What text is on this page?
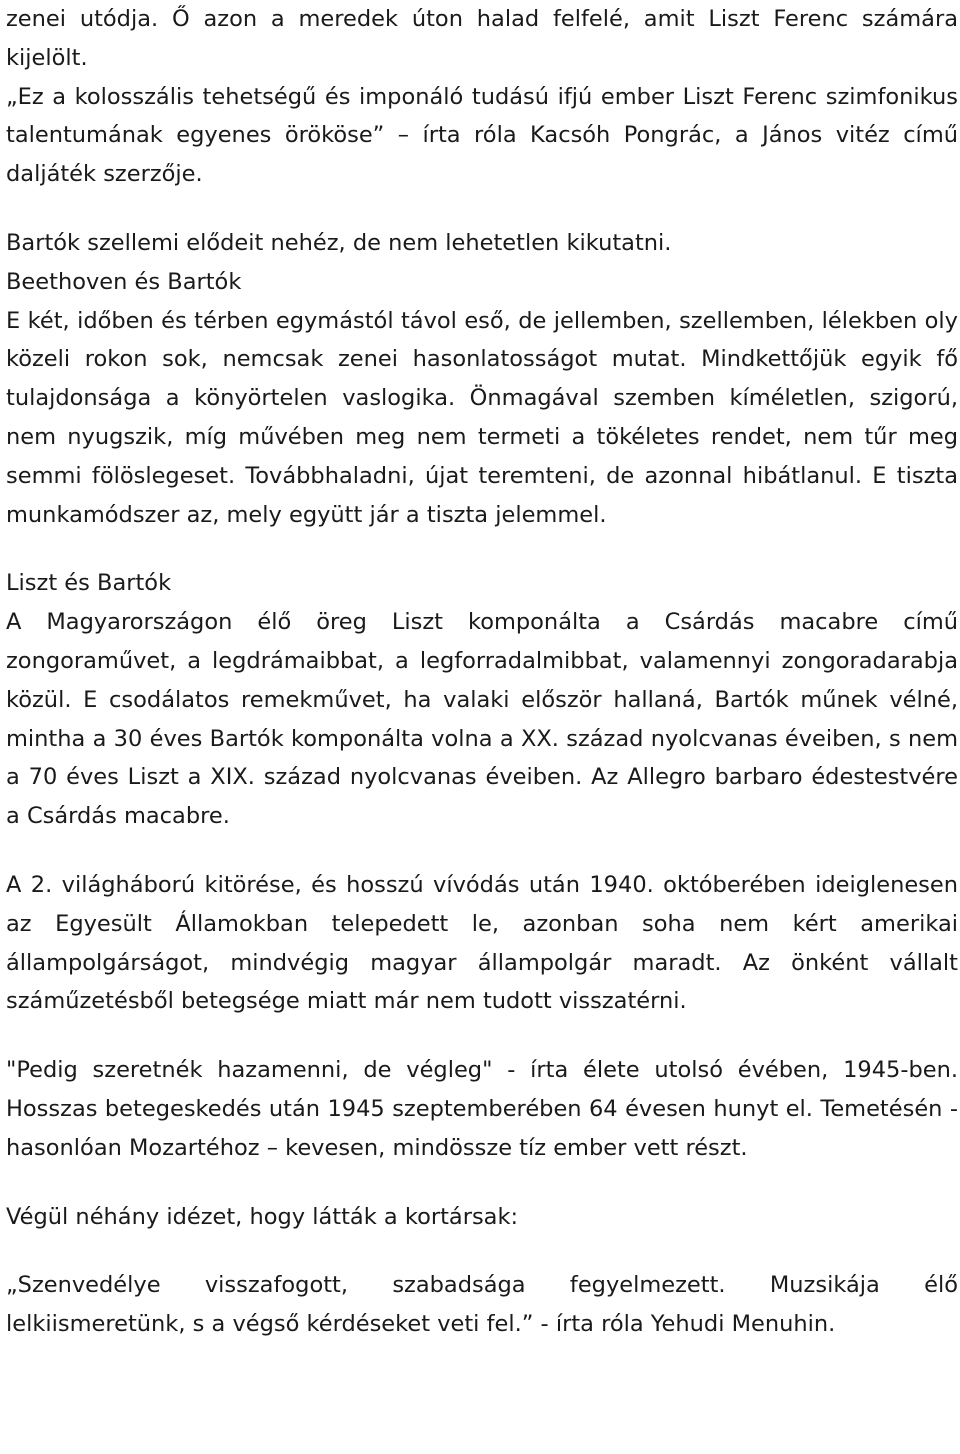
zenei utódja. Ő azon a meredek úton halad felfelé, amit Liszt Ferenc számára kijelölt.

„Ez a kolosszális tehetségű és imponáló tudású ifjú ember Liszt Ferenc szimfonikus talentumának egyenes örököse” – írta róla Kacsóh Pongrác, a János vitéz című daljáték szerzője.

Bartók szellemi elődeit nehéz, de nem lehetetlen kikutatni.

Beethoven és Bartók

E két, időben és térben egymástól távol eső, de jellemben, szellemben, lélekben oly közeli rokon sok, nemcsak zenei hasonlatosságot mutat. Mindkettőjük egyik fő tulajdonsága a könyörtelen vaslogika. Önmagával szemben kíméletlen, szigorú, nem nyugszik, míg művében meg nem termeti a tökéletes rendet, nem tűr meg semmi fölöslegeset. Továbbhaladni, újat teremteni, de azonnal hibátlanul. E tiszta munkamódszer az, mely együtt jár a tiszta jelemmel.

Liszt és Bartók

A Magyarországon élő öreg Liszt komponálta a Csárdás macabre című zongoraművet, a legdrámaibbat, a legforradalmibbat, valamennyi zongoradarabja közül. E csodálatos remekművet, ha valaki először hallaná, Bartók műnek vélné, mintha a 30 éves Bartók komponálta volna a XX. század nyolcvanas éveiben, s nem a 70 éves Liszt a XIX. század nyolcvanas éveiben. Az Allegro barbaro édestestvére a Csárdás macabre.

A 2. világháború kitörése, és hosszú vívódás után 1940. októberében ideiglenesen az Egyesült Államokban telepedett le, azonban soha nem kért amerikai állampolgárságot, mindvégig magyar állampolgár maradt. Az önként vállalt száműzetésből betegsége miatt már nem tudott visszatérni.

"Pedig szeretnék hazamenni, de végleg" - írta élete utolsó évében, 1945-ben. Hosszas betegeskedés után 1945 szeptemberében 64 évesen hunyt el. Temetésén - hasonlóan Mozartéhoz – kevesen, mindössze tíz ember vett részt.

Végül néhány idézet, hogy látták a kortársak:

„Szenvedélye visszafogott, szabadsága fegyelmezett. Muzsikája élő lelkiismeretünk, s a végső kérdéseket veti fel.” - írta róla Yehudi Menuhin.
